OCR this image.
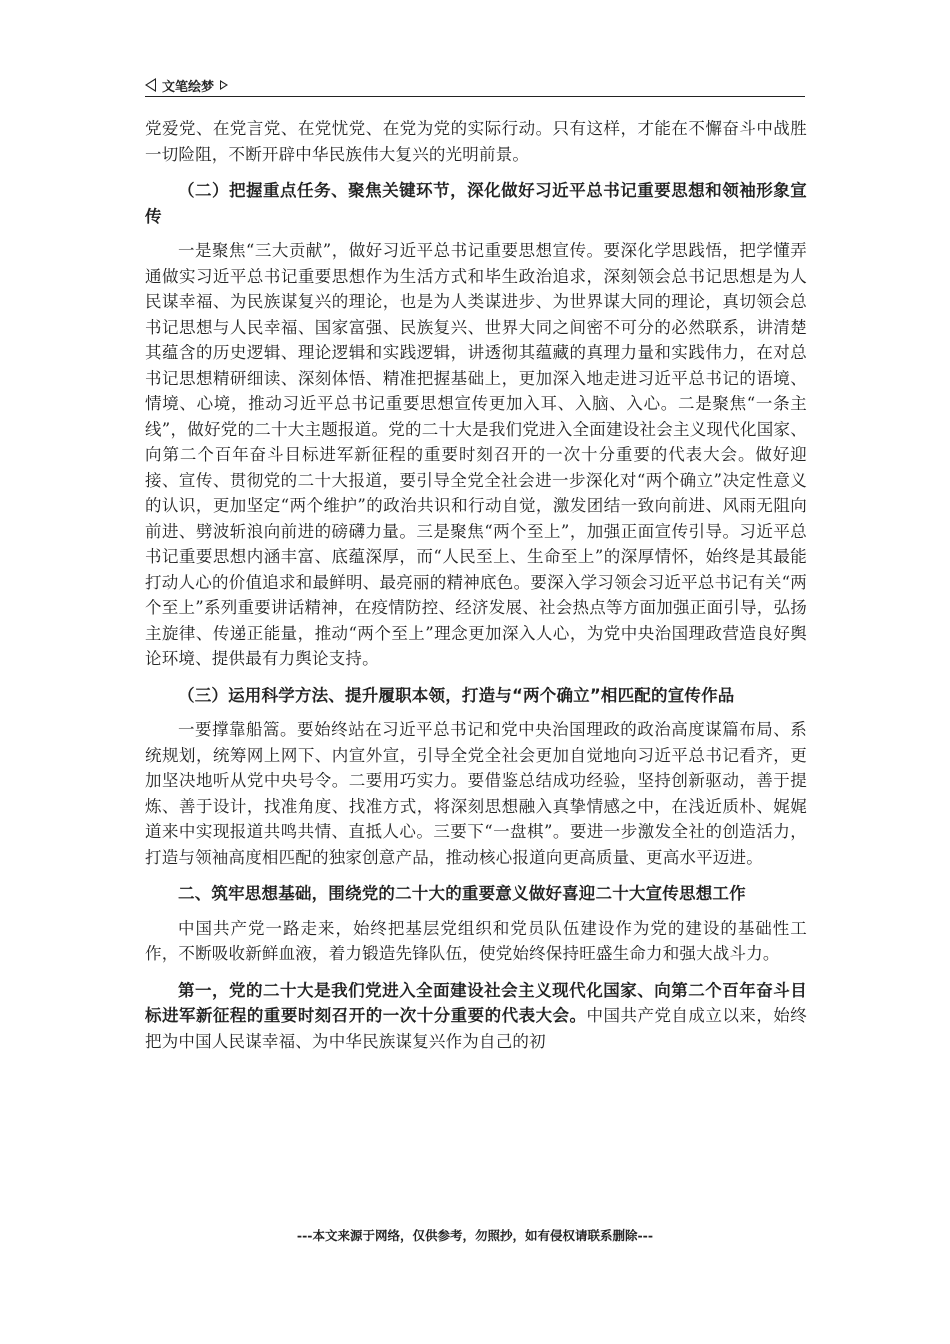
文笔绘梦

党爱党、在党言党、在党忧党、在党为党的实际行动。只有这样，才能在不懈奋斗中战胜一切险阻，不断开辟中华民族伟大复兴的光明前景。

（二）把握重点任务、聚焦关键环节，深化做好习近平总书记重要思想和领袖形象宣传

一是聚焦“三大贡献”，做好习近平总书记重要思想宣传。要深化学思践悟，把学懂弄通做实习近平总书记重要思想作为生活方式和毕生政治追求，深刻领会总书记思想是为人民谋幸福、为民族谋复兴的理论，也是为人类谋进步、为世界谋大同的理论，真切领会总书记思想与人民幸福、国家富强、民族复兴、世界大同之间密不可分的必然联系，讲清楚其蕴含的历史逻辑、理论逻辑和实践逻辑，讲透彻其蕴藏的真理力量和实践伟力，在对总书记思想精研细读、深刻体悟、精准把握基础上，更加深入地走进习近平总书记的语境、情境、心境，推动习近平总书记重要思想宣传更加入耳、入脑、入心。二是聚焦“一条主线”，做好党的二十大主题报道。党的二十大是我们党进入全面建设社会主义现代化国家、向第二个百年奋斗目标进军新征程的重要时刻召开的一次十分重要的代表大会。做好迎接、宣传、贯彻党的二十大报道，要引导全党全社会进一步深化对“两个确立”决定性意义的认识，更加坚定“两个维护”的政治共识和行动自觉，激发团结一致向前进、风雨无阻向前进、劈波斩浪向前进的磅礴力量。三是聚焦“两个至上”，加强正面宣传引导。习近平总书记重要思想内涵丰富、底蕴深厚，而“人民至上、生命至上”的深厚情怀，始终是其最能打动人心的价值追求和最鲜明、最亮丽的精神底色。要深入学习领会习近平总书记有关“两个至上”系列重要讲话精神，在疫情防控、经济发展、社会热点等方面加强正面引导，弘扬主旋律、传递正能量，推动“两个至上”理念更加深入人心，为党中央治国理政营造良好舆论环境、提供最有力舆论支持。

（三）运用科学方法、提升履职本领，打造与“两个确立”相匹配的宣传作品

一要撑靠船篙。要始终站在习近平总书记和党中央治国理政的政治高度谋篇布局、系统规划，统筹网上网下、内宣外宣，引导全党全社会更加自觉地向习近平总书记看齐，更加坚决地听从党中央号令。二要用巧实力。要借鉴总结成功经验，坚持创新驱动，善于提炼、善于设计，找准角度、找准方式，将深刻思想融入真挚情感之中，在浅近质朴、娓娓道来中实现报道共鸣共情、直抵人心。三要下“一盘棋”。要进一步激发全社的创造活力，打造与领袖高度相匹配的独家创意产品，推动核心报道向更高质量、更高水平迈进。

二、筑牢思想基础，围绕党的二十大的重要意义做好喜迎二十大宣传思想工作

中国共产党一路走来，始终把基层党组织和党员队伍建设作为党的建设的基础性工作，不断吸收新鲜血液，着力锻造先锋队伍，使党始终保持旺盛生命力和强大战斗力。

第一，党的二十大是我们党进入全面建设社会主义现代化国家、向第二个百年奋斗目标进军新征程的重要时刻召开的一次十分重要的代表大会。中国共产党自成立以来，始终把为中国人民谋幸福、为中华民族谋复兴作为自己的初

---本文来源于网络，仅供参考，勿照抄，如有侵权请联系删除---
